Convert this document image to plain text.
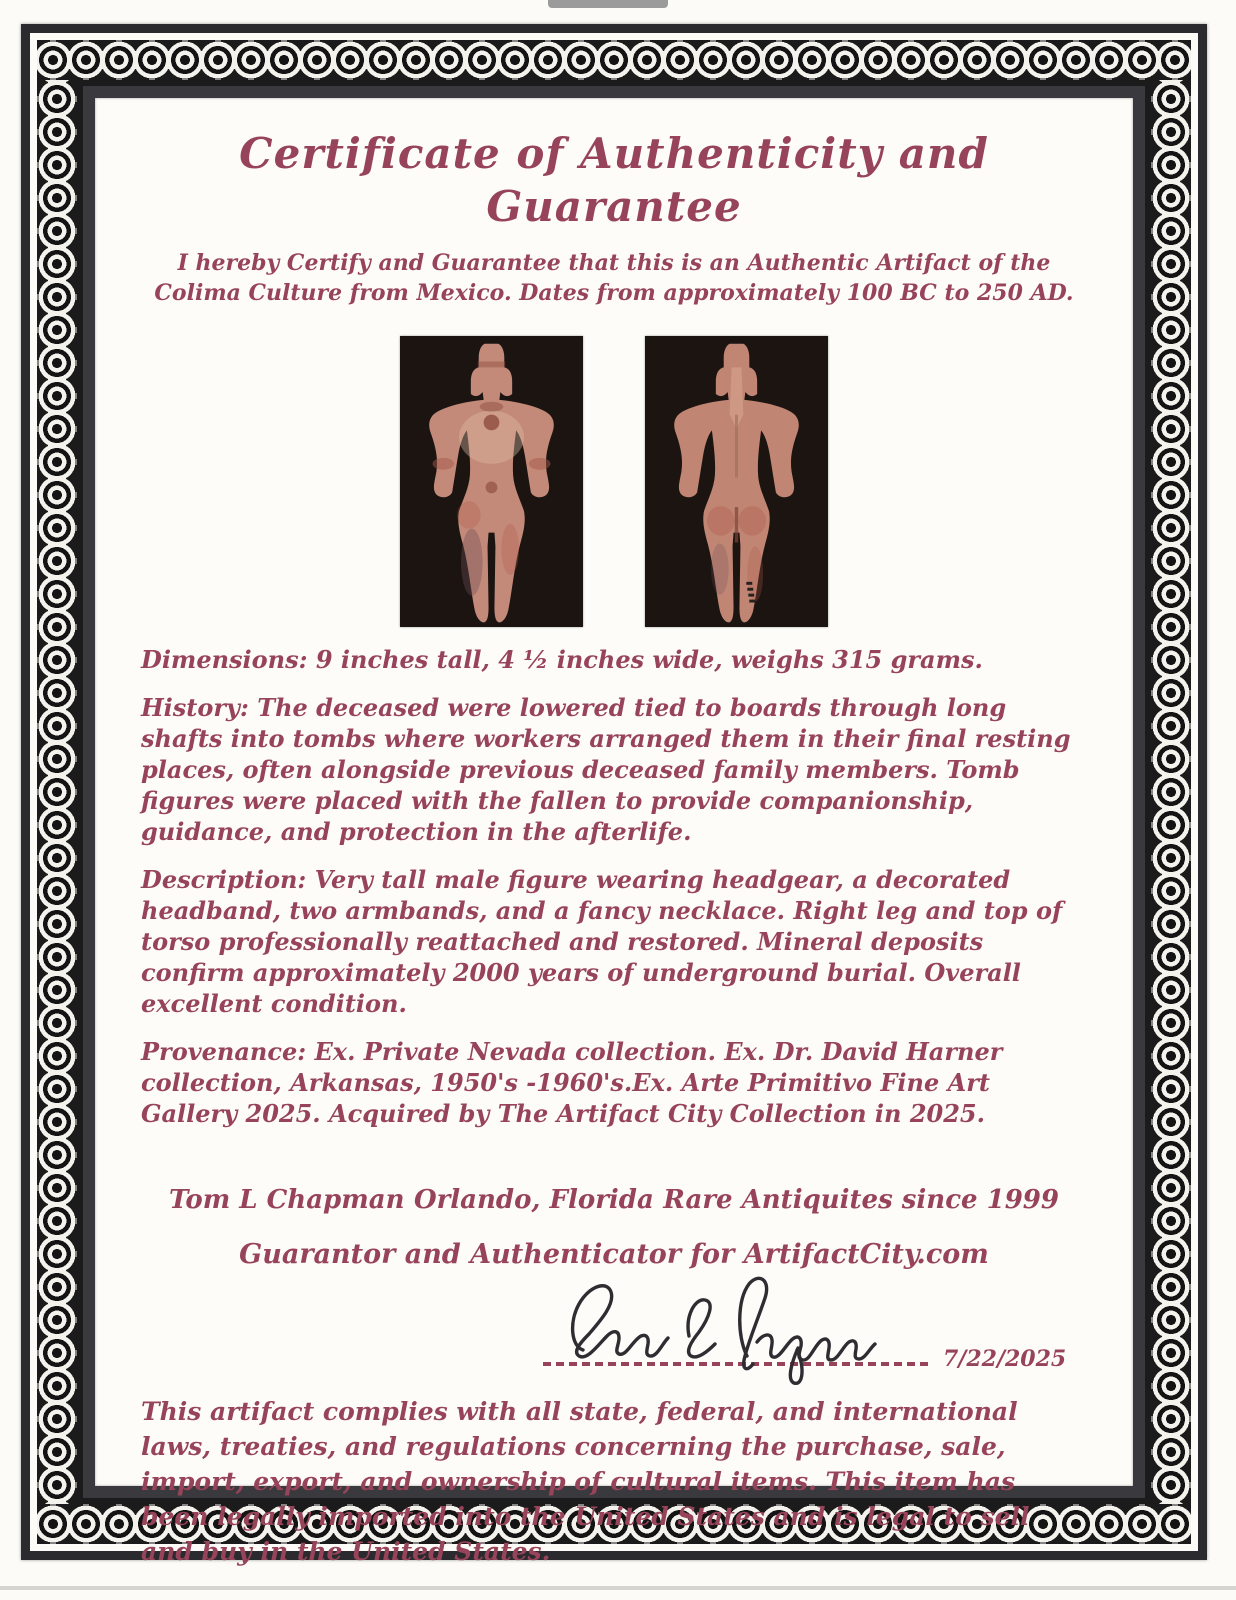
Certificate of Authenticity and Guarantee
I hereby Certify and Guarantee that this is an Authentic Artifact of the Colima Culture from Mexico. Dates from approximately 100 BC to 250 AD.

Dimensions: 9 inches tall, 4 ½ inches wide, weighs 315 grams.

History: The deceased were lowered tied to boards through long shafts into tombs where workers arranged them in their final resting places, often alongside previous deceased family members. Tomb figures were placed with the fallen to provide companionship, guidance, and protection in the afterlife.

Description: Very tall male figure wearing headgear, a decorated headband, two armbands, and a fancy necklace. Right leg and top of torso professionally reattached and restored. Mineral deposits confirm approximately 2000 years of underground burial. Overall excellent condition.

Provenance: Ex. Private Nevada collection. Ex. Dr. David Harner collection, Arkansas, 1950's -1960's.Ex. Arte Primitivo Fine Art Gallery 2025. Acquired by The Artifact City Collection in 2025.

Tom L Chapman Orlando, Florida Rare Antiquites since 1999
Guarantor and Authenticator for ArtifactCity.com
7/22/2025

This artifact complies with all state, federal, and international laws, treaties, and regulations concerning the purchase, sale, import, export, and ownership of cultural items. This item has been legally imported into the United States and is legal to sell and buy in the United States.
